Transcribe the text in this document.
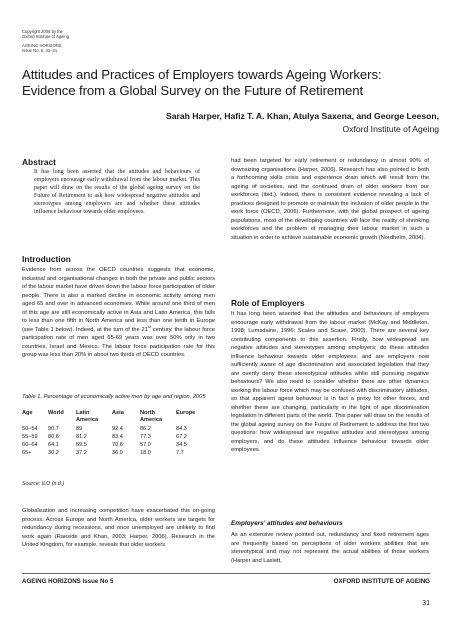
Copyright 2006 by the
Oxford Institute of Ageing
AGEING HORIZONS
Issue No. 5, 31–41
Attitudes and Practices of Employers towards Ageing Workers:
Evidence from a Global Survey on the Future of Retirement
Sarah Harper, Hafiz T. A. Khan, Atulya Saxena, and George Leeson,
Oxford Institute of Ageing
Abstract

It has long been asserted that the attitudes and behaviours of employers encourage early withdrawal from the labour market. This paper will draw on the results of the global ageing survey on the Future of Retirement to ask how widespread negative attitudes and stereotypes among employers are and whether these attitudes influence behaviour towards older employees.

Introduction

Evidence from across the OECD countries suggests that economic, industrial and organisational changes in both the private and public sectors of the labour market have driven down the labour force participation of older people. There is also a marked decline in economic activity among men aged 65 and over in advanced economies. While around one third of men of this age are still economically active in Asia and Latin America, this falls to less than one fifth in North America and less than one tenth in Europe (see Table 1 below). Indeed, at the turn of the 21st century, the labour force participation rate of men aged 65-69 years was over 50% only in two countries, Israel and Mexico. The labour force participation rate for this group was less than 20% in about two thirds of OECD countries.

Table 1. Percentage of economically active men by age and region, 2005
Age	World	Latin America	Asia	North America	Europe
50–54	90.7	89	92.4	86.2	84.3
55–59	80.6	81.2	83.4	77.3	67.2
60–64	64.1	69.5	70.6	57.0	34.5
65+	30.2	37.2	36.9	18.0	7.7
Source: ILO (n.d.)

Globalisation and increasing competition have exacerbated this on-going process. Across Europe and North America, older workers are targets for redundancy during recessions, and once unemployed are unlikely to find work again (Raeside and Khan, 2003; Harper, 2006). Research in the United Kingdom, for example, reveals that older workers

had been targeted for early retirement or redundancy in almost 90% of downsizing organisations (Harper, 2006). Research has also pointed to both a forthcoming skills crisis and experience drain which will result from the ageing of societies, and the continued drain of older workers from our workforces (ibid.). Indeed, there is consistent evidence revealing a lack of practices designed to promote or maintain the inclusion of older people in the work force (OECD, 2006). Furthermore, with the global prospect of ageing populations, most of the developing countries will face the reality of shrinking workforces and the problem of managing their labour market in such a situation in order to achieve sustainable economic growth (Nordheim, 2004).

Role of Employers

It has long been asserted that the attitudes and behaviours of employers encourage early withdrawal from the labour market (McKay and Middleton, 1998; Lumsdaine, 1996; Scales and Scase, 2000). There are several key contributing components to this assertion. Firstly, how widespread are negative attitudes and stereotypes among employers; do these attitudes influence behaviour towards older employees; and are employers now sufficiently aware of age discrimination and associated legislation that they are overtly deny these stereotypical attitudes while still pursuing negative behaviours? We also need to consider whether there are other dynamics working the labour force which may be confused with discriminatory attitudes, so that apparent ageist behaviour is in fact a proxy for other forces, and whether these are changing, particularly in the light of age discrimination legislation in different parts of the world. This paper will draw on the results of the global ageing survey on the Future of Retirement to address the first two questions: how widespread are negative attitudes and stereotypes among employers, and do these attitudes influence behaviour towards older employees.

Employers’ attitudes and behaviours

As an extensive review pointed out, redundancy and fixed retirement ages are frequently based on perceptions of older workers abilities that are stereotypical and may not represent the actual abilities of those workers (Harper and Laslett,

AGEING HORIZONS Issue No 5	OXFORD INSTITUTE OF AGEING
31
